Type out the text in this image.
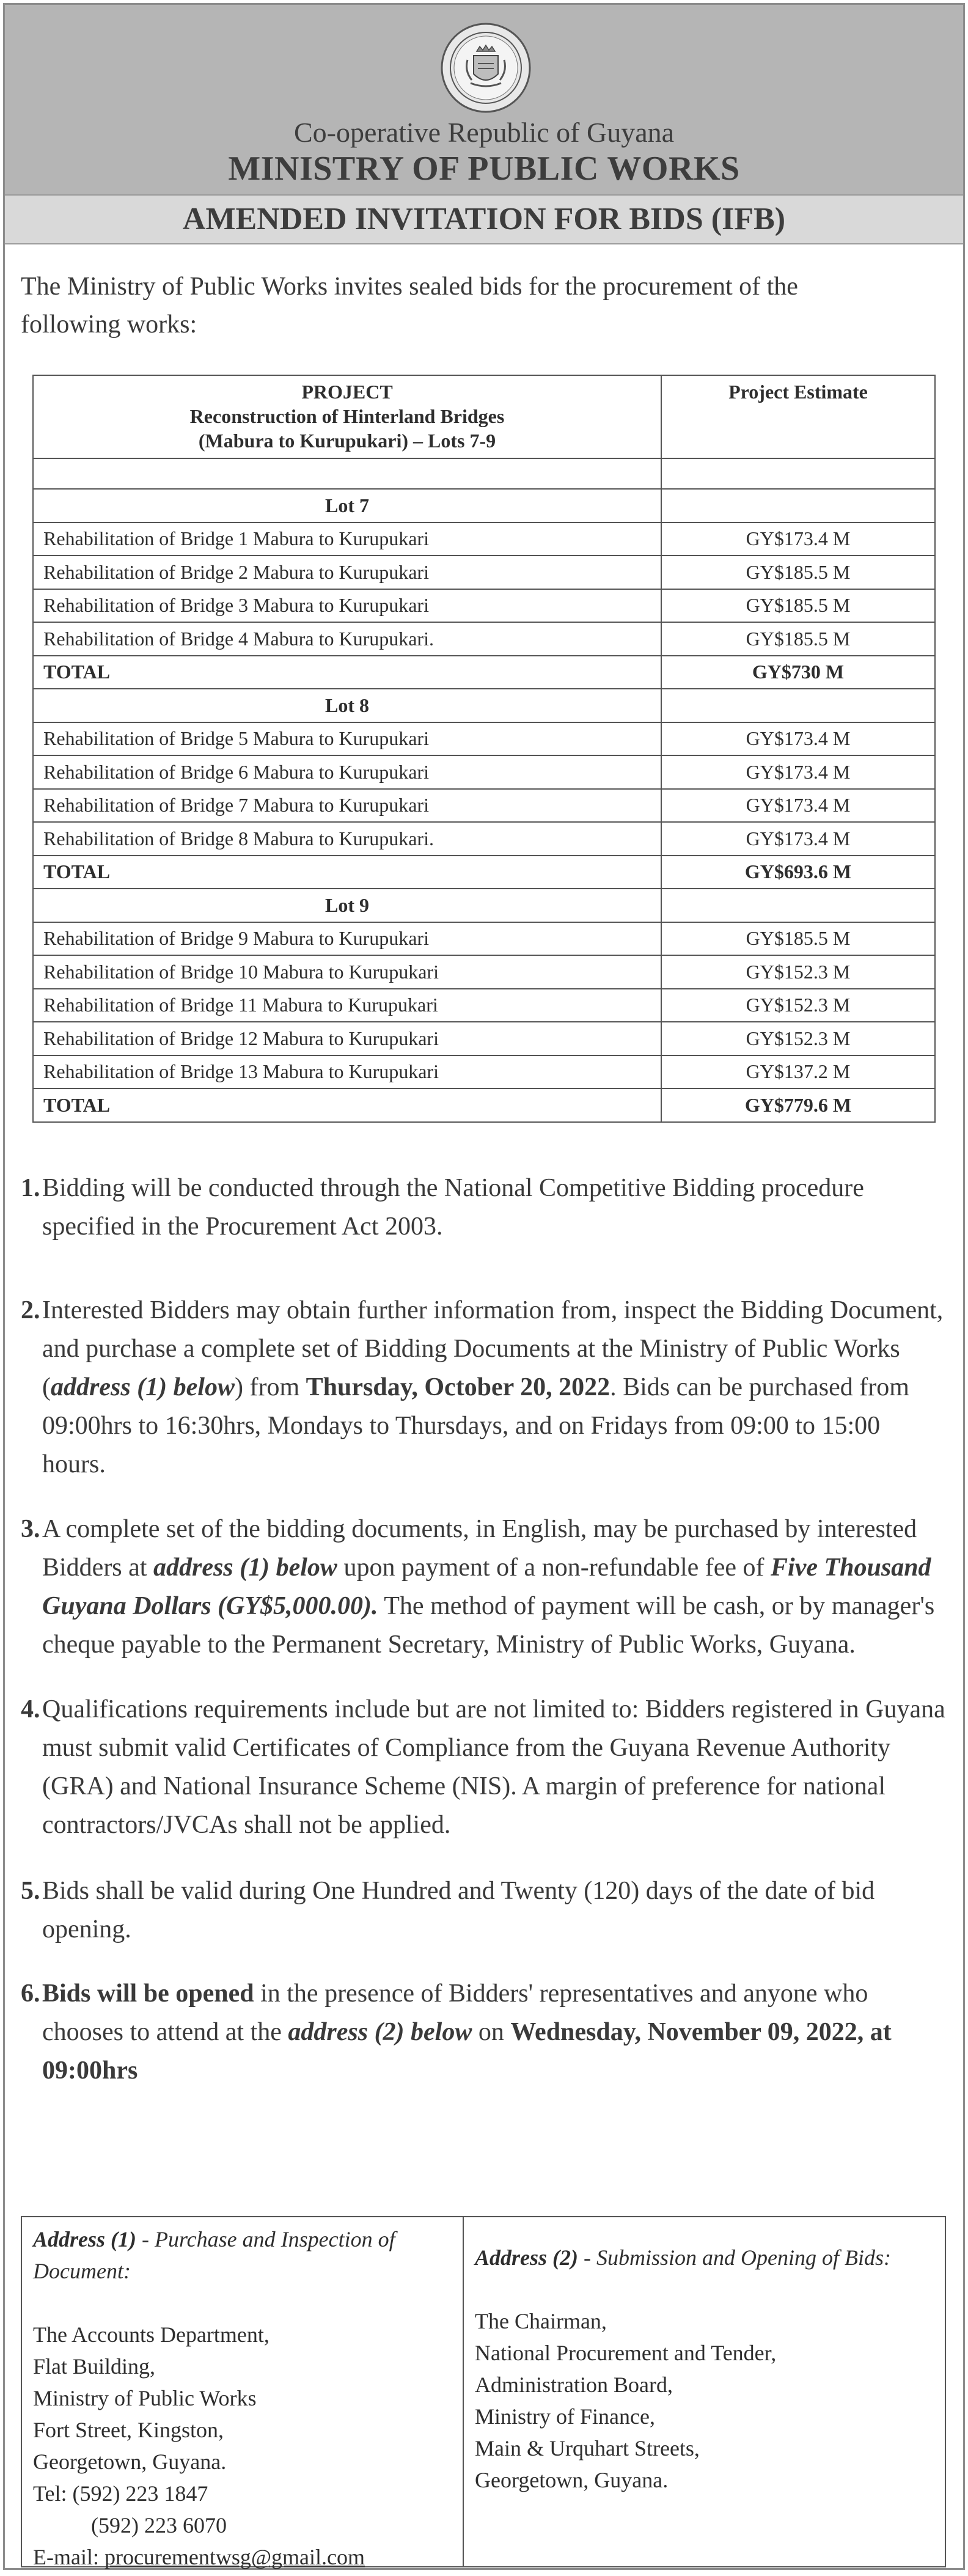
Co-operative Republic of Guyana
MINISTRY OF PUBLIC WORKS
AMENDED INVITATION FOR BIDS (IFB)
The Ministry of Public Works invites sealed bids for the procurement of the following works:
PROJECT
Reconstruction of Hinterland Bridges
(Mabura to Kurupukari) – Lots 7-9	Project Estimate

Lot 7	
Rehabilitation of Bridge 1 Mabura to Kurupukari	GY$173.4 M
Rehabilitation of Bridge 2 Mabura to Kurupukari	GY$185.5 M
Rehabilitation of Bridge 3 Mabura to Kurupukari	GY$185.5 M
Rehabilitation of Bridge 4 Mabura to Kurupukari.	GY$185.5 M
TOTAL	GY$730 M
Lot 8	
Rehabilitation of Bridge 5 Mabura to Kurupukari	GY$173.4 M
Rehabilitation of Bridge 6 Mabura to Kurupukari	GY$173.4 M
Rehabilitation of Bridge 7 Mabura to Kurupukari	GY$173.4 M
Rehabilitation of Bridge 8 Mabura to Kurupukari.	GY$173.4 M
TOTAL	GY$693.6 M
Lot 9	
Rehabilitation of Bridge 9 Mabura to Kurupukari	GY$185.5 M
Rehabilitation of Bridge 10 Mabura to Kurupukari	GY$152.3 M
Rehabilitation of Bridge 11 Mabura to Kurupukari	GY$152.3 M
Rehabilitation of Bridge 12 Mabura to Kurupukari	GY$152.3 M
Rehabilitation of Bridge 13 Mabura to Kurupukari	GY$137.2 M
TOTAL	GY$779.6 M

1. Bidding will be conducted through the National Competitive Bidding procedure specified in the Procurement Act 2003.

2. Interested Bidders may obtain further information from, inspect the Bidding Document, and purchase a complete set of Bidding Documents at the Ministry of Public Works (address (1) below) from Thursday, October 20, 2022. Bids can be purchased from 09:00hrs to 16:30hrs, Mondays to Thursdays, and on Fridays from 09:00 to 15:00 hours.

3. A complete set of the bidding documents, in English, may be purchased by interested Bidders at address (1) below upon payment of a non-refundable fee of Five Thousand Guyana Dollars (GY$5,000.00). The method of payment will be cash, or by manager's cheque payable to the Permanent Secretary, Ministry of Public Works, Guyana.

4. Qualifications requirements include but are not limited to: Bidders registered in Guyana must submit valid Certificates of Compliance from the Guyana Revenue Authority (GRA) and National Insurance Scheme (NIS). A margin of preference for national contractors/JVCAs shall not be applied.

5. Bids shall be valid during One Hundred and Twenty (120) days of the date of bid opening.

6. Bids will be opened in the presence of Bidders' representatives and anyone who chooses to attend at the address (2) below on Wednesday, November 09, 2022, at 09:00hrs

Address (1) - Purchase and Inspection of Document:
The Accounts Department,
Flat Building,
Ministry of Public Works
Fort Street, Kingston,
Georgetown, Guyana.
Tel: (592) 223 1847
(592) 223 6070
E-mail: procurementwsg@gmail.com
Address (2) - Submission and Opening of Bids:
The Chairman,
National Procurement and Tender,
Administration Board,
Ministry of Finance,
Main & Urquhart Streets,
Georgetown, Guyana.
